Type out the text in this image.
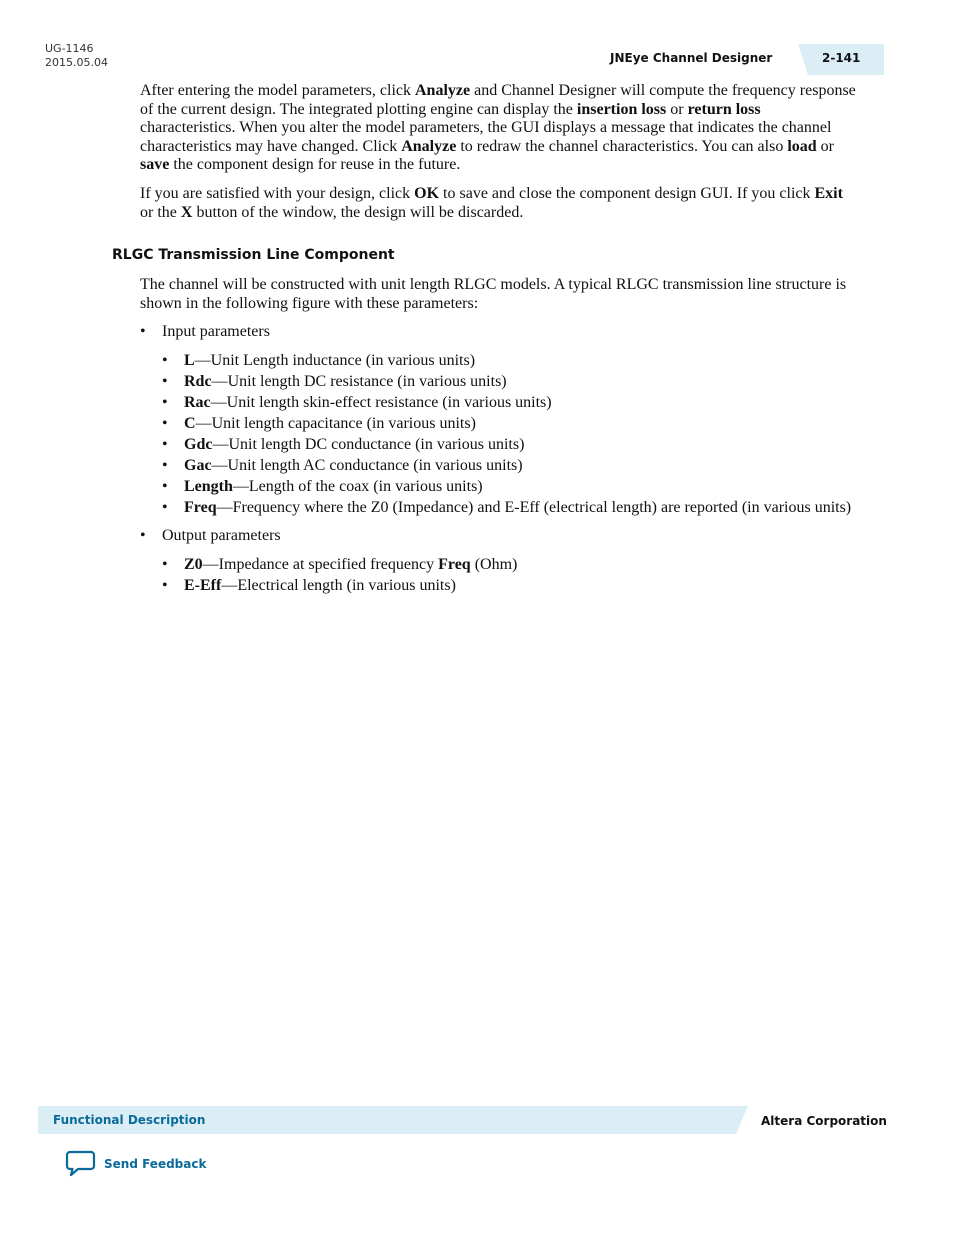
UG-1146
2015.05.04	JNEye Channel Designer	2-141

After entering the model parameters, click Analyze and Channel Designer will compute the frequency response of the current design. The integrated plotting engine can display the insertion loss or return loss characteristics. When you alter the model parameters, the GUI displays a message that indicates the channel characteristics may have changed. Click Analyze to redraw the channel characteristics. You can also load or save the component design for reuse in the future.

If you are satisfied with your design, click OK to save and close the component design GUI. If you click Exit or the X button of the window, the design will be discarded.

RLGC Transmission Line Component

The channel will be constructed with unit length RLGC models. A typical RLGC transmission line structure is shown in the following figure with these parameters:

• Input parameters
• L—Unit Length inductance (in various units)
• Rdc—Unit length DC resistance (in various units)
• Rac—Unit length skin-effect resistance (in various units)
• C—Unit length capacitance (in various units)
• Gdc—Unit length DC conductance (in various units)
• Gac—Unit length AC conductance (in various units)
• Length—Length of the coax (in various units)
• Freq—Frequency where the Z0 (Impedance) and E-Eff (electrical length) are reported (in various units)
• Output parameters
• Z0—Impedance at specified frequency Freq (Ohm)
• E-Eff—Electrical length (in various units)
Functional Description	Altera Corporation
Send Feedback
